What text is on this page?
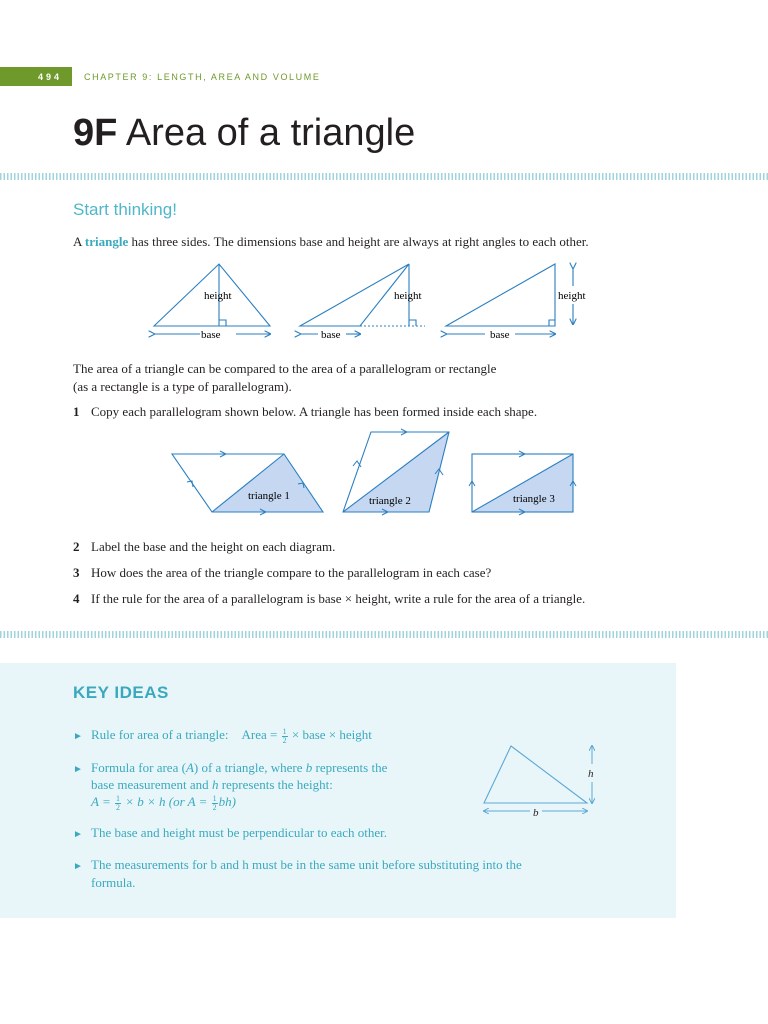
494 CHAPTER 9: LENGTH, AREA AND VOLUME
9F Area of a triangle
Start thinking!
A triangle has three sides. The dimensions base and height are always at right angles to each other.
height
base
height
base
height
base
The area of a triangle can be compared to the area of a parallelogram or rectangle
(as a rectangle is a type of parallelogram).
1 Copy each parallelogram shown below. A triangle has been formed inside each shape.
triangle 1	triangle 2	triangle 3
2 Label the base and the height on each diagram.
3 How does the area of the triangle compare to the parallelogram in each case?
4 If the rule for the area of a parallelogram is base × height, write a rule for the area of a triangle.
KEY IDEAS
► Rule for area of a triangle: Area = $\frac{1}{2}$ × base × height
► Formula for area (A) of a triangle, where b represents the
base measurement and h represents the height:
$A = \frac{1}{2} \times b \times h$ (or $A = \frac{1}{2} bh$)
h
b
► The base and height must be perpendicular to each other.
► The measurements for b and h must be in the same unit before substituting into the
formula.
